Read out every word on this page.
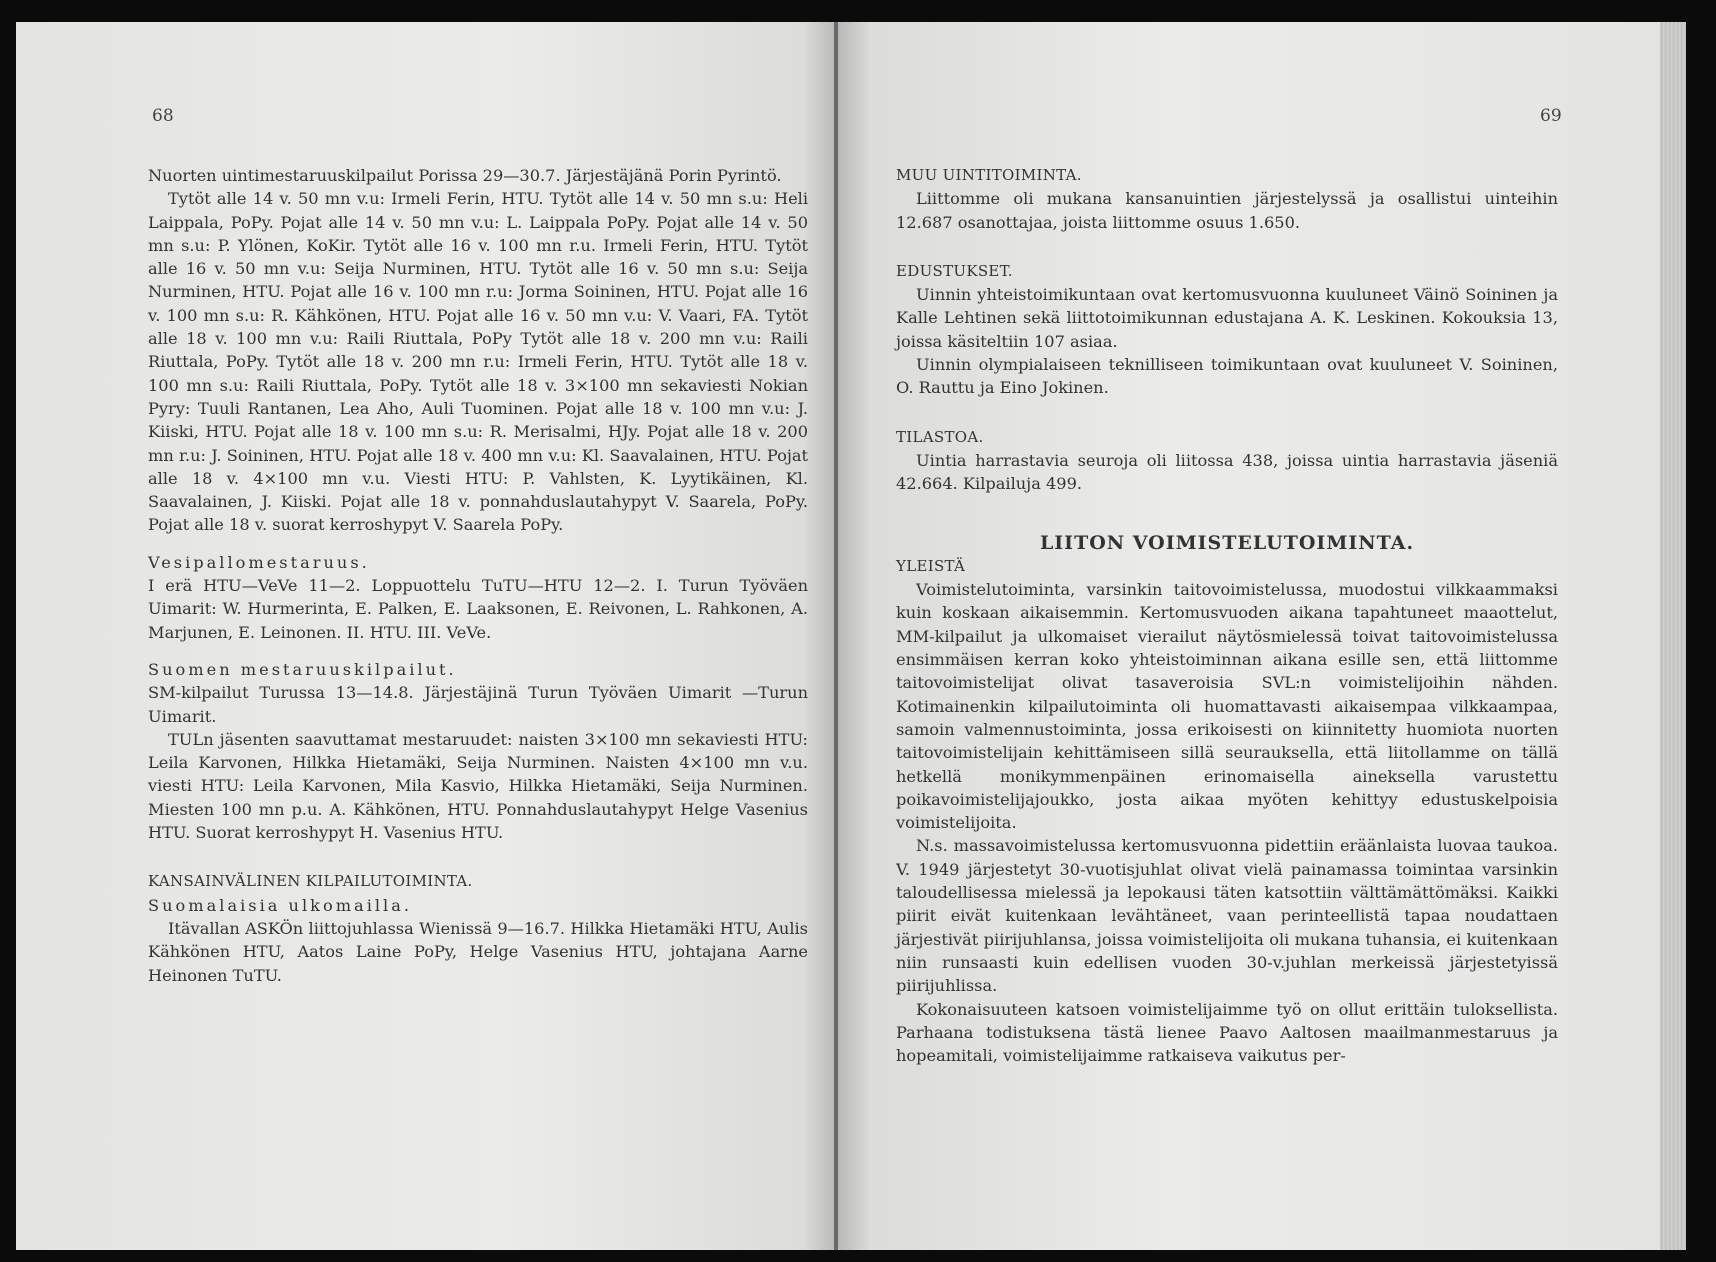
68

Nuorten uintimestaruuskilpailut Porissa 29—30.7. Järjestäjänä Porin Pyrintö.

Tytöt alle 14 v. 50 mn v.u: Irmeli Ferin, HTU. Tytöt alle 14 v. 50 mn s.u: Heli Laippala, PoPy. Pojat alle 14 v. 50 mn v.u: L. Laippala PoPy. Pojat alle 14 v. 50 mn s.u: P. Ylönen, KoKir. Tytöt alle 16 v. 100 mn r.u. Irmeli Ferin, HTU. Tytöt alle 16 v. 50 mn v.u: Seija Nurminen, HTU. Tytöt alle 16 v. 50 mn s.u: Seija Nurminen, HTU. Pojat alle 16 v. 100 mn r.u: Jorma Soininen, HTU. Pojat alle 16 v. 100 mn s.u: R. Kähkönen, HTU. Pojat alle 16 v. 50 mn v.u: V. Vaari, FA. Tytöt alle 18 v. 100 mn v.u: Raili Riuttala, PoPy Tytöt alle 18 v. 200 mn v.u: Raili Riuttala, PoPy. Tytöt alle 18 v. 200 mn r.u: Irmeli Ferin, HTU. Tytöt alle 18 v. 100 mn s.u: Raili Riuttala, PoPy. Tytöt alle 18 v. 3×100 mn sekaviesti Nokian Pyry: Tuuli Rantanen, Lea Aho, Auli Tuominen. Pojat alle 18 v. 100 mn v.u: J. Kiiski, HTU. Pojat alle 18 v. 100 mn s.u: R. Merisalmi, HJy. Pojat alle 18 v. 200 mn r.u: J. Soininen, HTU. Pojat alle 18 v. 400 mn v.u: Kl. Saavalainen, HTU. Pojat alle 18 v. 4×100 mn v.u. Viesti HTU: P. Vahlsten, K. Lyytikäinen, Kl. Saavalainen, J. Kiiski. Pojat alle 18 v. ponnahduslautahypyt V. Saarela, PoPy. Pojat alle 18 v. suorat kerroshypyt V. Saarela PoPy.

Vesipallomestaruus.

I erä HTU—VeVe 11—2. Loppuottelu TuTU—HTU 12—2. I. Turun Työväen Uimarit: W. Hurmerinta, E. Palken, E. Laaksonen, E. Reivonen, L. Rahkonen, A. Marjunen, E. Leinonen. II. HTU. III. VeVe.

Suomen mestaruuskilpailut.

SM-kilpailut Turussa 13—14.8. Järjestäjinä Turun Työväen Uimarit —Turun Uimarit.

TULn jäsenten saavuttamat mestaruudet: naisten 3×100 mn sekaviesti HTU: Leila Karvonen, Hilkka Hietamäki, Seija Nurminen. Naisten 4×100 mn v.u. viesti HTU: Leila Karvonen, Mila Kasvio, Hilkka Hietamäki, Seija Nurminen. Miesten 100 mn p.u. A. Kähkönen, HTU. Ponnahduslautahypyt Helge Vasenius HTU. Suorat kerroshypyt H. Vasenius HTU.

KANSAINVÄLINEN KILPAILUTOIMINTA.

Suomalaisia ulkomailla.

Itävallan ASKÖn liittojuhlassa Wienissä 9—16.7. Hilkka Hietamäki HTU, Aulis Kähkönen HTU, Aatos Laine PoPy, Helge Vasenius HTU, johtajana Aarne Heinonen TuTU.

69

MUU UINTITOIMINTA.

Liittomme oli mukana kansanuintien järjestelyssä ja osallistui uinteihin 12.687 osanottajaa, joista liittomme osuus 1.650.

EDUSTUKSET.

Uinnin yhteistoimikuntaan ovat kertomusvuonna kuuluneet Väinö Soininen ja Kalle Lehtinen sekä liittotoimikunnan edustajana A. K. Leskinen. Kokouksia 13, joissa käsiteltiin 107 asiaa.

Uinnin olympialaiseen teknilliseen toimikuntaan ovat kuuluneet V. Soininen, O. Rauttu ja Eino Jokinen.

TILASTOA.

Uintia harrastavia seuroja oli liitossa 438, joissa uintia harrastavia jäseniä 42.664. Kilpailuja 499.

LIITON VOIMISTELUTOIMINTA.

YLEISTÄ

Voimistelutoiminta, varsinkin taitovoimistelussa, muodostui vilkkaammaksi kuin koskaan aikaisemmin. Kertomusvuoden aikana tapahtuneet maaottelut, MM-kilpailut ja ulkomaiset vierailut näytösmielessä toivat taitovoimistelussa ensimmäisen kerran koko yhteistoiminnan aikana esille sen, että liittomme taitovoimistelijat olivat tasaveroisia SVL:n voimistelijoihin nähden. Kotimainenkin kilpailutoiminta oli huomattavasti aikaisempaa vilkkaampaa, samoin valmennustoiminta, jossa erikoisesti on kiinnitetty huomiota nuorten taitovoimistelijain kehittämiseen sillä seurauksella, että liitollamme on tällä hetkellä monikymmenpäinen erinomaisella aineksella varustettu poikavoimistelijajoukko, josta aikaa myöten kehittyy edustuskelpoisia voimistelijoita.

N.s. massavoimistelussa kertomusvuonna pidettiin eräänlaista luovaa taukoa. V. 1949 järjestetyt 30-vuotisjuhlat olivat vielä painamassa toimintaa varsinkin taloudellisessa mielessä ja lepokausi täten katsottiin välttämättömäksi. Kaikki piirit eivät kuitenkaan levähtäneet, vaan perinteellistä tapaa noudattaen järjestivät piirijuhlansa, joissa voimistelijoita oli mukana tuhansia, ei kuitenkaan niin runsaasti kuin edellisen vuoden 30-v.juhlan merkeissä järjestetyissä piirijuhlissa.

Kokonaisuuteen katsoen voimistelijaimme työ on ollut erittäin tuloksellista. Parhaana todistuksena tästä lienee Paavo Aaltosen maailmanmestaruus ja hopeamitali, voimistelijaimme ratkaiseva vaikutus per-
